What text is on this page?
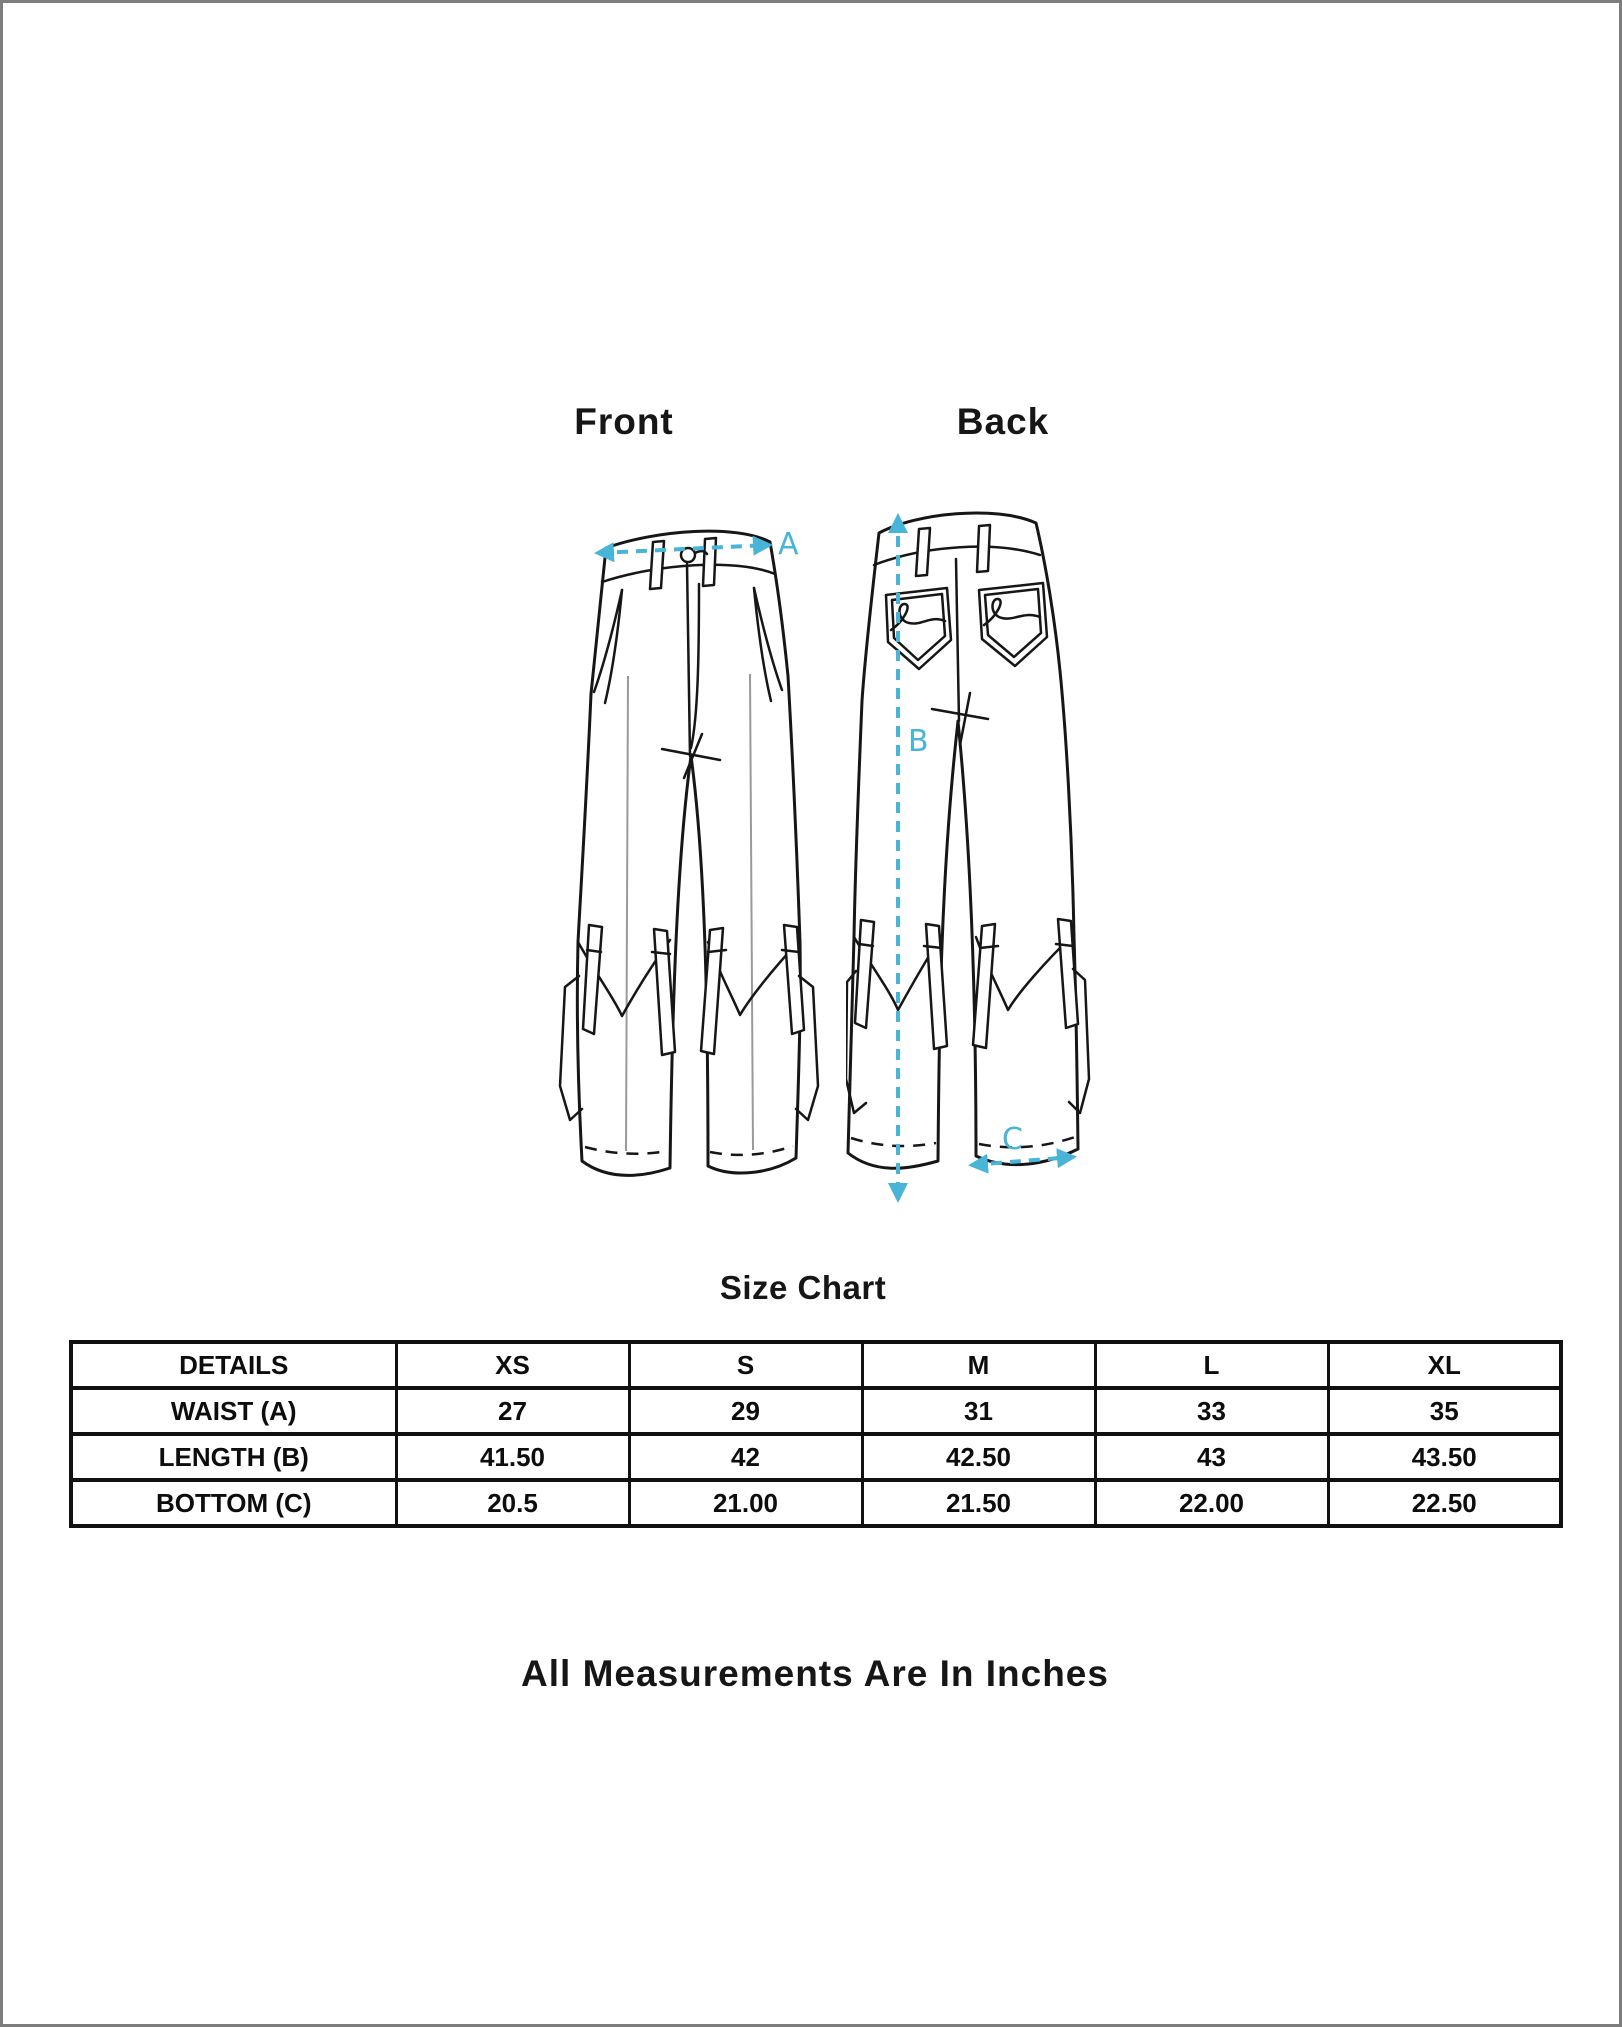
Front	Back
A
B
C
Size Chart
DETAILS	XS	S	M	L	XL
WAIST (A)	27	29	31	33	35
LENGTH (B)	41.50	42	42.50	43	43.50
BOTTOM (C)	20.5	21.00	21.50	22.00	22.50
All Measurements Are In Inches
